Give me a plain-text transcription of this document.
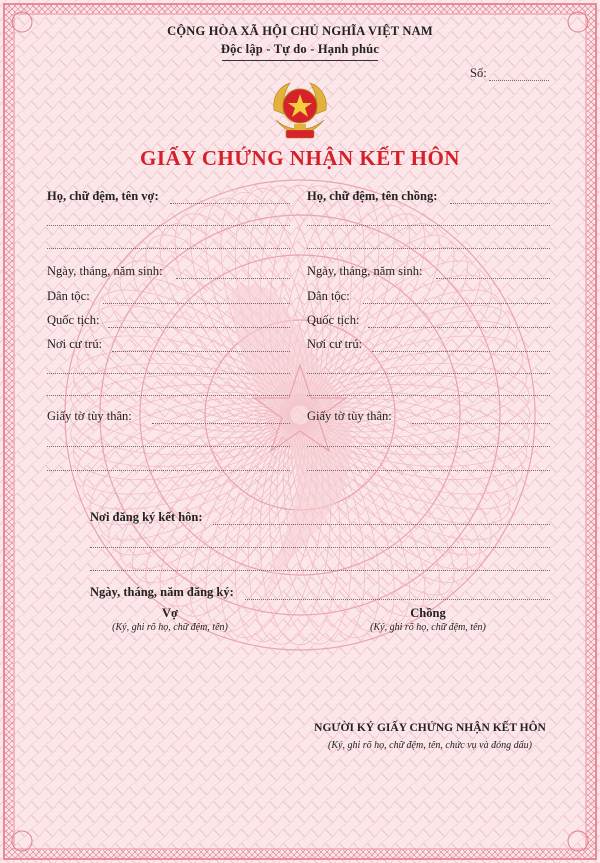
CỘNG HÒA XÃ HỘI CHỦ NGHĨA VIỆT NAM
Độc lập - Tự do - Hạnh phúc
Số:
GIẤY CHỨNG NHẬN KẾT HÔN
Họ, chữ đệm, tên vợ:	Họ, chữ đệm, tên chồng:
Ngày, tháng, năm sinh:	Ngày, tháng, năm sinh:
Dân tộc:	Dân tộc:
Quốc tịch:	Quốc tịch:
Nơi cư trú:	Nơi cư trú:
Giấy tờ tùy thân:	Giấy tờ tùy thân:
Nơi đăng ký kết hôn:
Ngày, tháng, năm đăng ký:
Vợ
(Ký, ghi rõ họ, chữ đệm, tên)
Chồng
(Ký, ghi rõ họ, chữ đệm, tên)
NGƯỜI KÝ GIẤY CHỨNG NHẬN KẾT HÔN
(Ký, ghi rõ họ, chữ đệm, tên, chức vụ và đóng dấu)
